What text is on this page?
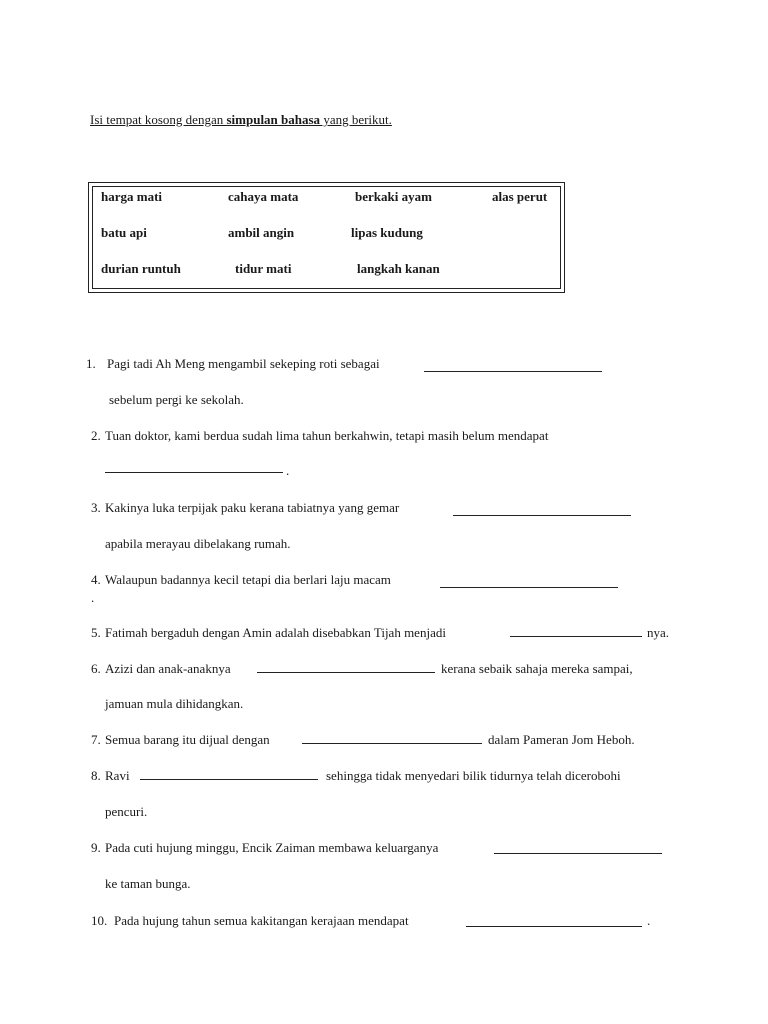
Isi tempat kosong dengan simpulan bahasa yang berikut.
harga mati	cahaya mata	berkaki ayam	alas perut
batu api	ambil angin	lipas kudung
durian runtuh	tidur mati	langkah kanan
1. Pagi tadi Ah Meng mengambil sekeping roti sebagai
sebelum pergi ke sekolah.
2. Tuan doktor, kami berdua sudah lima tahun berkahwin, tetapi masih belum mendapat
.
3. Kakinya luka terpijak paku kerana tabiatnya yang gemar
apabila merayau dibelakang rumah.
4. Walaupun badannya kecil tetapi dia berlari laju macam
.
5. Fatimah bergaduh dengan Amin adalah disebabkan Tijah menjadi	nya.
6. Azizi dan anak-anaknya	kerana sebaik sahaja mereka sampai,
jamuan mula dihidangkan.
7. Semua barang itu dijual dengan	dalam Pameran Jom Heboh.
8. Ravi	sehingga tidak menyedari bilik tidurnya telah dicerobohi
pencuri.
9. Pada cuti hujung minggu, Encik Zaiman membawa keluarganya
ke taman bunga.
10. Pada hujung tahun semua kakitangan kerajaan mendapat	.
